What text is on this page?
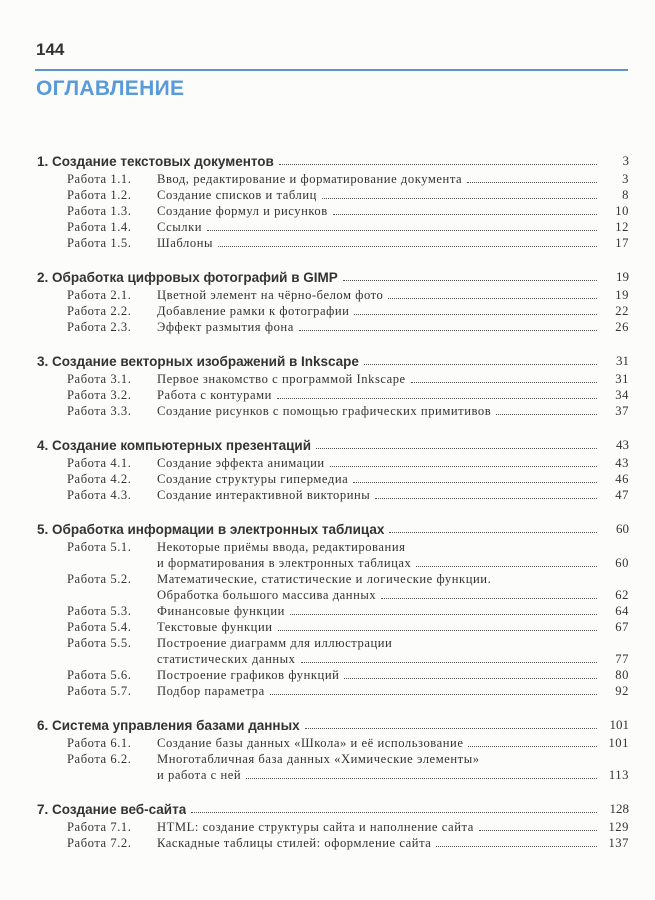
144
ОГЛАВЛЕНИЕ
1. Создание текстовых документов	3
Работа 1.1.	Ввод, редактирование и форматирование документа	3
Работа 1.2.	Создание списков и таблиц	8
Работа 1.3.	Создание формул и рисунков	10
Работа 1.4.	Ссылки	12
Работа 1.5.	Шаблоны	17
2. Обработка цифровых фотографий в GIMP	19
Работа 2.1.	Цветной элемент на чёрно-белом фото	19
Работа 2.2.	Добавление рамки к фотографии	22
Работа 2.3.	Эффект размытия фона	26
3. Создание векторных изображений в Inkscape	31
Работа 3.1.	Первое знакомство с программой Inkscape	31
Работа 3.2.	Работа с контурами	34
Работа 3.3.	Создание рисунков с помощью графических примитивов	37
4. Создание компьютерных презентаций	43
Работа 4.1.	Создание эффекта анимации	43
Работа 4.2.	Создание структуры гипермедиа	46
Работа 4.3.	Создание интерактивной викторины	47
5. Обработка информации в электронных таблицах	60
Работа 5.1.	Некоторые приёмы ввода, редактирования
и форматирования в электронных таблицах	60
Работа 5.2.	Математические, статистические и логические функции.
Обработка большого массива данных	62
Работа 5.3.	Финансовые функции	64
Работа 5.4.	Текстовые функции	67
Работа 5.5.	Построение диаграмм для иллюстрации
статистических данных	77
Работа 5.6.	Построение графиков функций	80
Работа 5.7.	Подбор параметра	92
6. Система управления базами данных	101
Работа 6.1.	Создание базы данных «Школа» и её использование	101
Работа 6.2.	Многотабличная база данных «Химические элементы»
и работа с ней	113
7. Создание веб-сайта	128
Работа 7.1.	HTML: создание структуры сайта и наполнение сайта	129
Работа 7.2.	Каскадные таблицы стилей: оформление сайта	137
